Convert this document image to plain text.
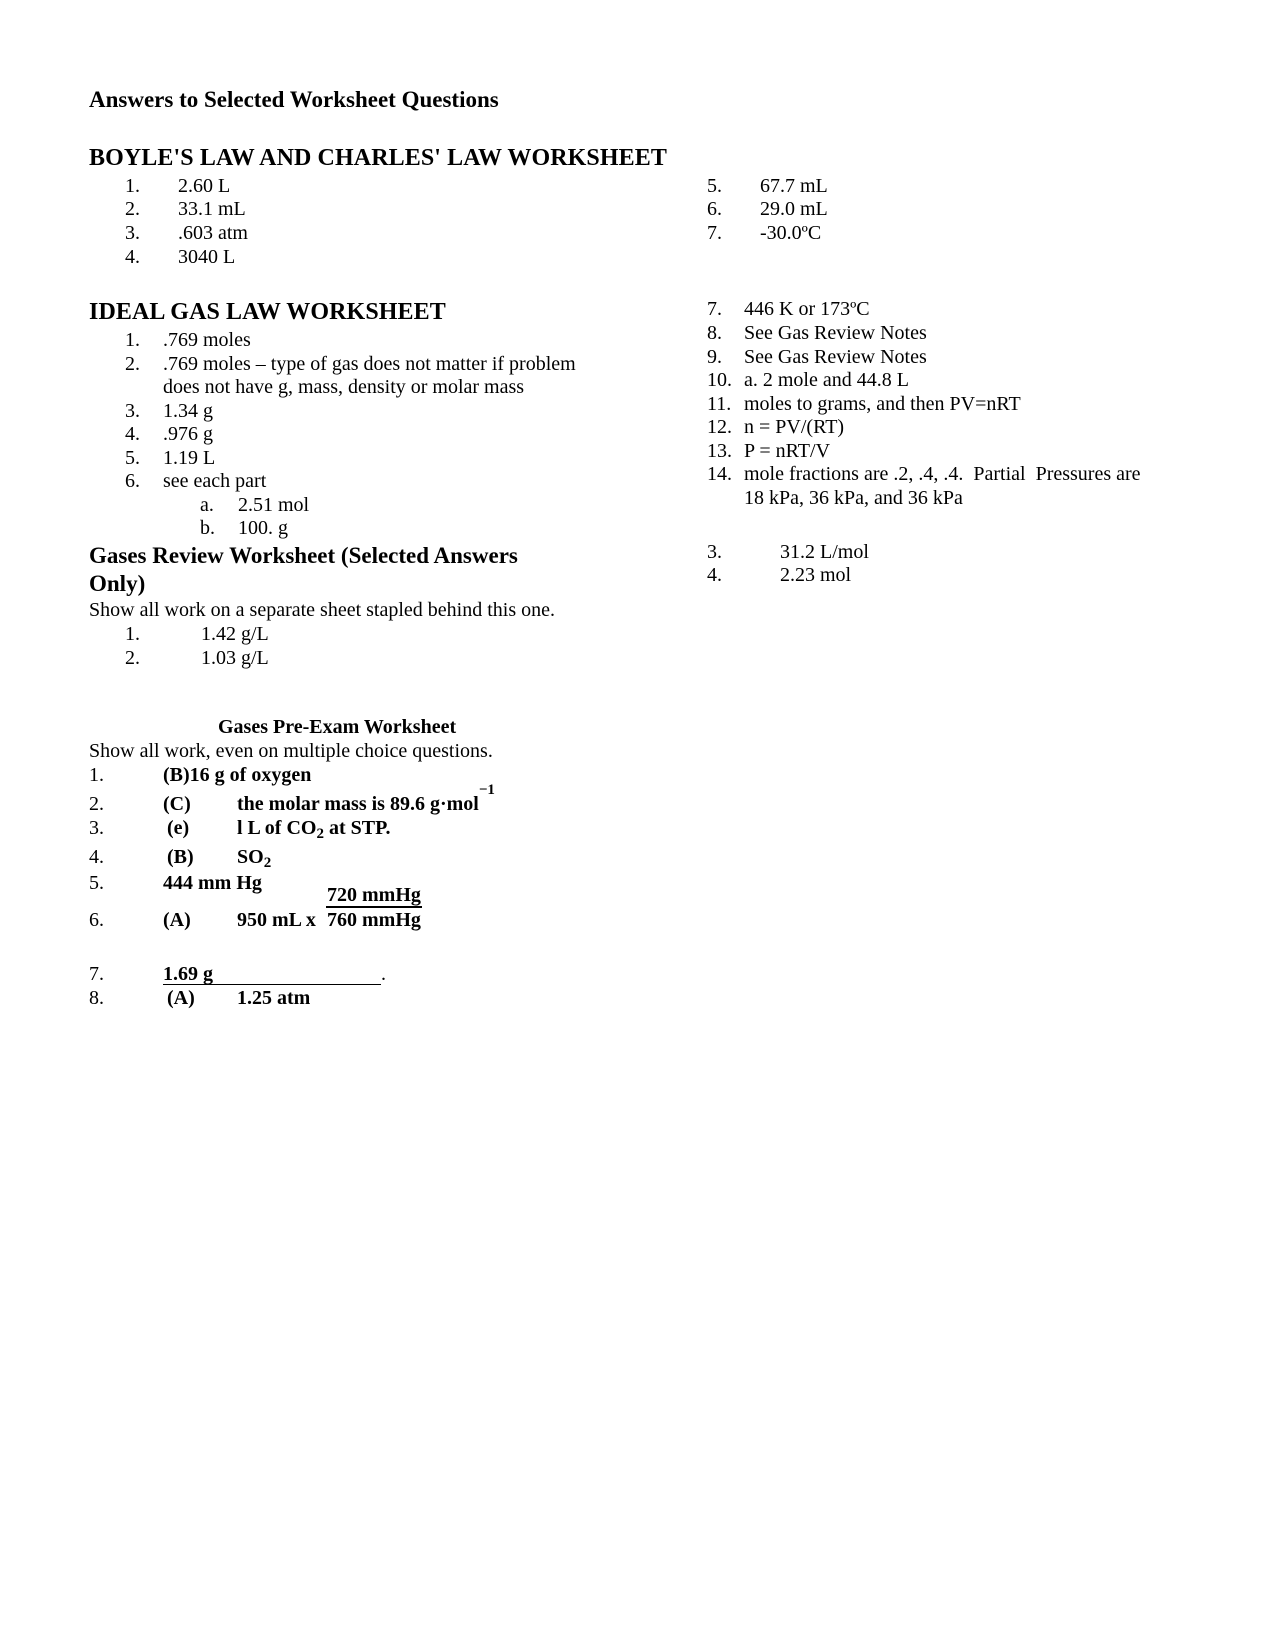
Answers to Selected Worksheet Questions
BOYLE'S LAW AND CHARLES' LAW WORKSHEET
1. 2.60 L
2. 33.1 mL
3. .603 atm
4. 3040 L
5. 67.7 mL
6. 29.0 mL
7. -30.0ºC
IDEAL GAS LAW WORKSHEET
1. .769 moles
2. .769 moles – type of gas does not matter if problem
does not have g, mass, density or molar mass
3. 1.34 g
4. .976 g
5. 1.19 L
6. see each part
a. 2.51 mol
b. 100. g
7. 446 K or 173ºC
8. See Gas Review Notes
9. See Gas Review Notes
10. a. 2 mole and 44.8 L
11. moles to grams, and then PV=nRT
12. n = PV/(RT)
13. P = nRT/V
14. mole fractions are .2, .4, .4.  Partial  Pressures are
18 kPa, 36 kPa, and 36 kPa
Gases Review Worksheet (Selected Answers
Only)
Show all work on a separate sheet stapled behind this one.
1.	1.42 g/L
2.	1.03 g/L
3.	31.2 L/mol
4.	2.23 mol
Gases Pre-Exam Worksheet
Show all work, even on multiple choice questions.
1.	(B)16 g of oxygen
2.	(C) the molar mass is 89.6 g·mol$^{-1}$
3.	(e) l L of $CO_2$ at STP.
4.	(B) $SO_2$
5.	444 mm Hg
6.	(A) 950 mL x
720 mmHg
760 mmHg
7.	1.69 g	.
8.	(A) 1.25 atm
